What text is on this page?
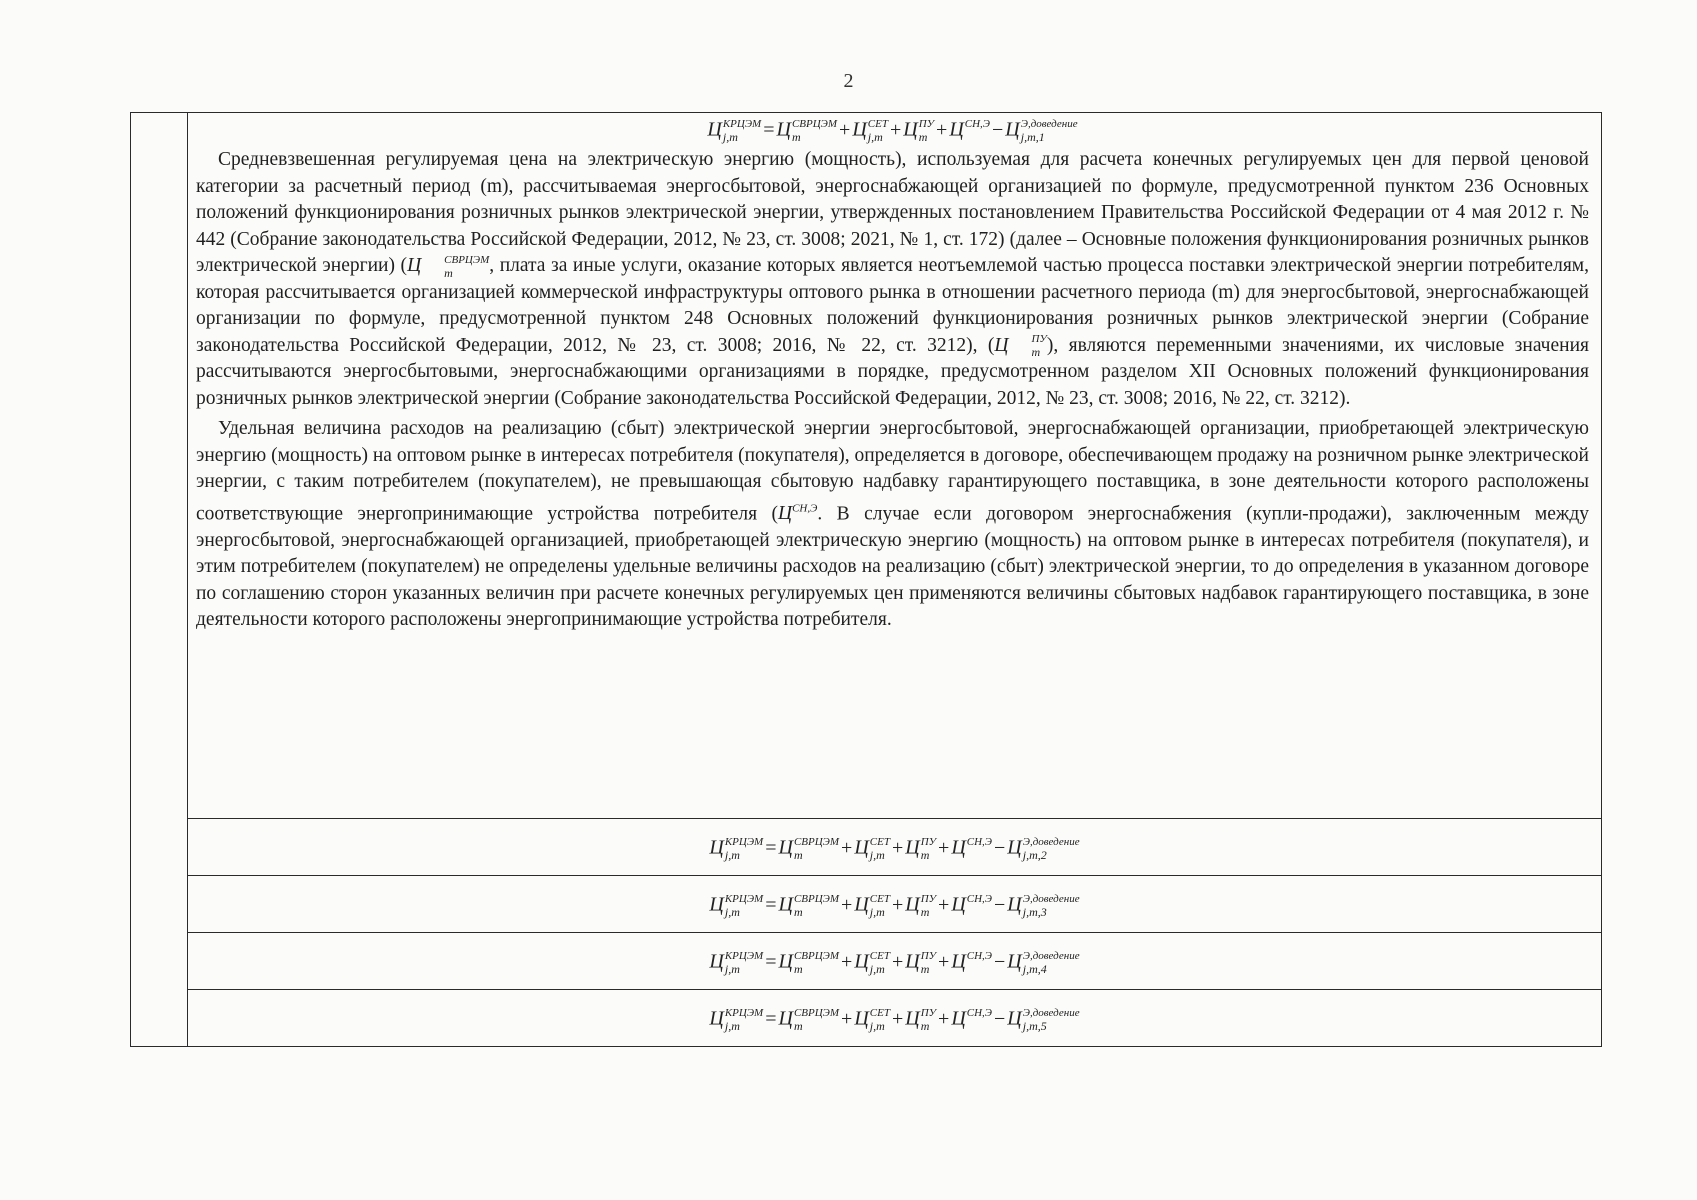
2

Ц КРЦЭМ
j,m	= Ц СВРЦЭМ
m	+ Ц СЕТ
j,m + Ц ПУ
m + Ц СН,Э
− Ц Э,доведение
j,m,1

Средневзвешенная регулируемая цена на электрическую энергию (мощность), используемая для расчета конечных регулируемых цен для первой ценовой категории за расчетный период (m), рассчитываемая энергосбытовой, энергоснабжающей организацией по формуле, предусмотренной пунктом 236 Основных положений функционирования розничных рынков электрической энергии, утвержденных постановлением Правительства Российской Федерации от 4 мая 2012 г. № 442 (Собрание законодательства Российской Федерации, 2012, № 23, ст. 3008; 2021, № 1, ст. 172) (далее – Основные положения функционирования розничных рынков электрической энергии) (Ц	СВРЦЭМ
m	, плата за иные услуги, оказание которых является неотъемлемой частью процесса поставки электрической энергии потребителям, которая рассчитывается организацией коммерческой инфраструктуры оптового рынка в отношении расчетного периода (m) для энергосбытовой, энергоснабжающей организации по формуле, предусмотренной пунктом 248 Основных положений функционирования розничных рынков электрической энергии (Собрание законодательства Российской Федерации, 2012, № 23, ст. 3008; 2016, № 22, ст. 3212), (Ц	ПУ
m ), являются переменными значениями, их числовые значения рассчитываются энергосбытовыми, энергоснабжающими организациями в порядке, предусмотренном разделом XII Основных положений функционирования розничных рынков электрической энергии (Собрание законодательства Российской Федерации, 2012, № 23, ст. 3008; 2016, № 22, ст. 3212).

Удельная величина расходов на реализацию (сбыт) электрической энергии энергосбытовой, энергоснабжающей организации, приобретающей электрическую энергию (мощность) на оптовом рынке в интересах потребителя (покупателя), определяется в договоре, обеспечивающем продажу на розничном рынке электрической энергии, с таким потребителем (покупателем), не превышающая сбытовую надбавку гарантирующего поставщика, в зоне деятельности которого расположены соответствующие энергопринимающие устройства потребителя ($Ц^{СН,Э}$. В случае если договором энергоснабжения (купли-продажи), заключенным между энергосбытовой, энергоснабжающей организацией, приобретающей электрическую энергию (мощность) на оптовом рынке в интересах потребителя (покупателя), и этим потребителем (покупателем) не определены удельные величины расходов на реализацию (сбыт) электрической энергии, то до определения в указанном договоре по соглашению сторон указанных величин при расчете конечных регулируемых цен применяются величины сбытовых надбавок гарантирующего поставщика, в зоне деятельности которого расположены энергопринимающие устройства потребителя.

Ц КРЦЭМ
j,m	= Ц СВРЦЭМ
m	+ Ц СЕТ
j,m + Ц ПУ
m + Ц СН,Э
− Ц Э,доведение
j,m,2

Ц КРЦЭМ
j,m	= Ц СВРЦЭМ
m	+ Ц СЕТ
j,m + Ц ПУ
m + Ц СН,Э
− Ц Э,доведение
j,m,3

Ц КРЦЭМ
j,m	= Ц СВРЦЭМ
m	+ Ц СЕТ
j,m + Ц ПУ
m + Ц СН,Э
− Ц Э,доведение
j,m,4

Ц КРЦЭМ
j,m	= Ц СВРЦЭМ
m	+ Ц СЕТ
j,m + Ц ПУ
m + Ц СН,Э
− Ц Э,доведение
j,m,5
